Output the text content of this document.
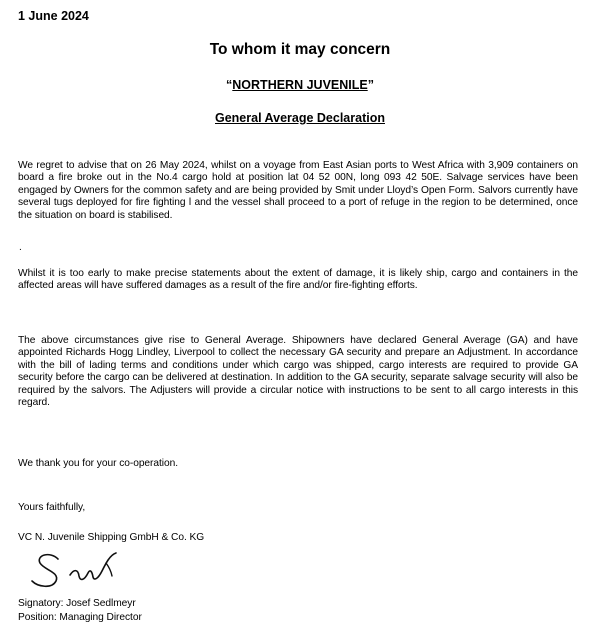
1 June 2024
To whom it may concern
“NORTHERN JUVENILE”
General Average Declaration

We regret to advise that on 26 May 2024, whilst on a voyage from East Asian ports to West Africa with 3,909 containers on board a fire broke out in the No.4 cargo hold at position lat 04 52 00N, long 093 42 50E. Salvage services have been engaged by Owners for the common safety and are being provided by Smit under Lloyd’s Open Form. Salvors currently have several tugs deployed for fire fighting l and the vessel shall proceed to a port of refuge in the region to be determined, once the situation on board is stabilised.

.

Whilst it is too early to make precise statements about the extent of damage, it is likely ship, cargo and containers in the affected areas will have suffered damages as a result of the fire and/or fire-fighting efforts.

The above circumstances give rise to General Average. Shipowners have declared General Average (GA) and have appointed Richards Hogg Lindley, Liverpool to collect the necessary GA security and prepare an Adjustment. In accordance with the bill of lading terms and conditions under which cargo was shipped, cargo interests are required to provide GA security before the cargo can be delivered at destination. In addition to the GA security, separate salvage security will also be required by the salvors. The Adjusters will provide a circular notice with instructions to be sent to all cargo interests in this regard.

We thank you for your co-operation.

Yours faithfully,

VC N. Juvenile Shipping GmbH & Co. KG

Signatory: Josef Sedlmeyr

Position: Managing Director
